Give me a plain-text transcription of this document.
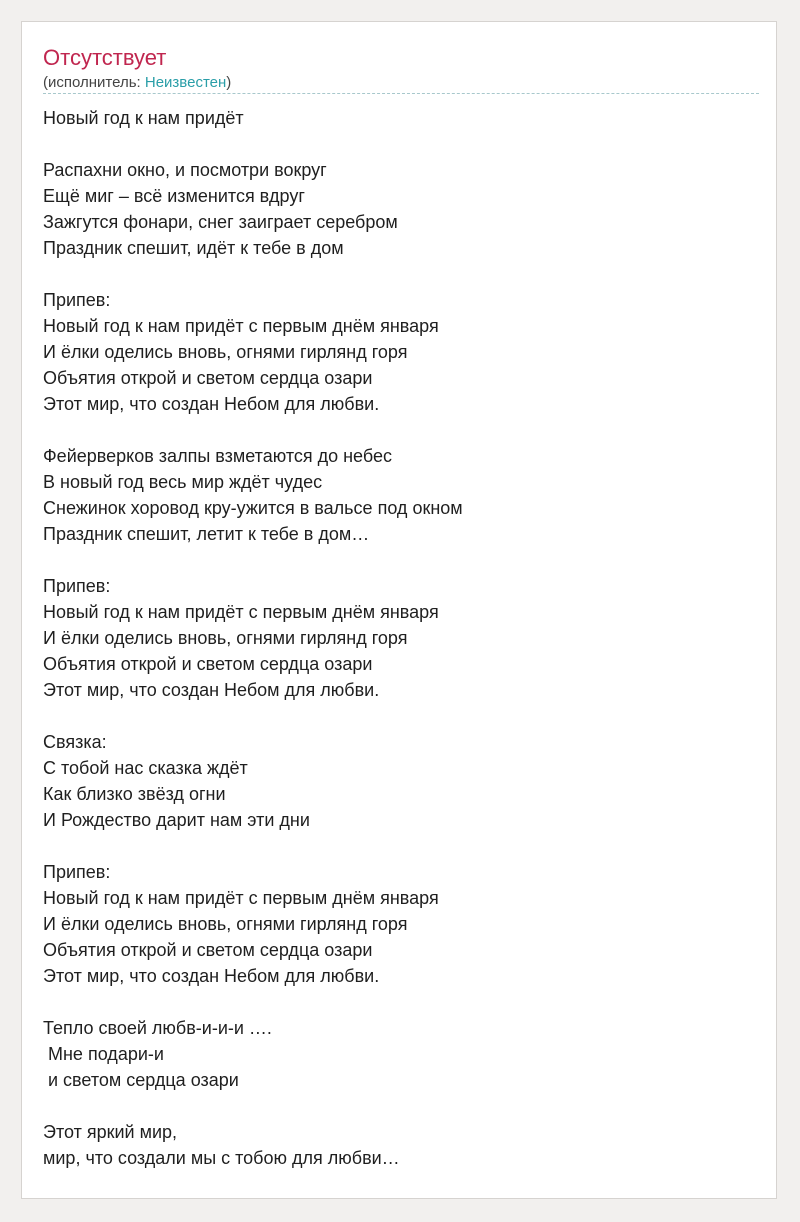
Отсутствует
(исполнитель: Неизвестен)
Новый год к нам придёт
Распахни окно, и посмотри вокруг
Ещё миг – всё изменится вдруг
Зажгутся фонари, снег заиграет серебром
Праздник спешит, идёт к тебе в дом
Припев:
Новый год к нам придёт с первым днём января
И ёлки оделись вновь, огнями гирлянд горя
Объятия открой и светом сердца озари
Этот мир, что создан Небом для любви.
Фейерверков залпы взметаются до небес
В новый год весь мир ждёт чудес
Снежинок хоровод кру-ужится в вальсе под окном
Праздник спешит, летит к тебе в дом…
Припев:
Новый год к нам придёт с первым днём января
И ёлки оделись вновь, огнями гирлянд горя
Объятия открой и светом сердца озари
Этот мир, что создан Небом для любви.
Связка:
С тобой нас сказка ждёт
Как близко звёзд огни
И Рождество дарит нам эти дни
Припев:
Новый год к нам придёт с первым днём января
И ёлки оделись вновь, огнями гирлянд горя
Объятия открой и светом сердца озари
Этот мир, что создан Небом для любви.
Тепло своей любв-и-и-и ….
Мне подари-и
и светом сердца озари
Этот яркий мир,
мир, что создали мы с тобою для любви…
